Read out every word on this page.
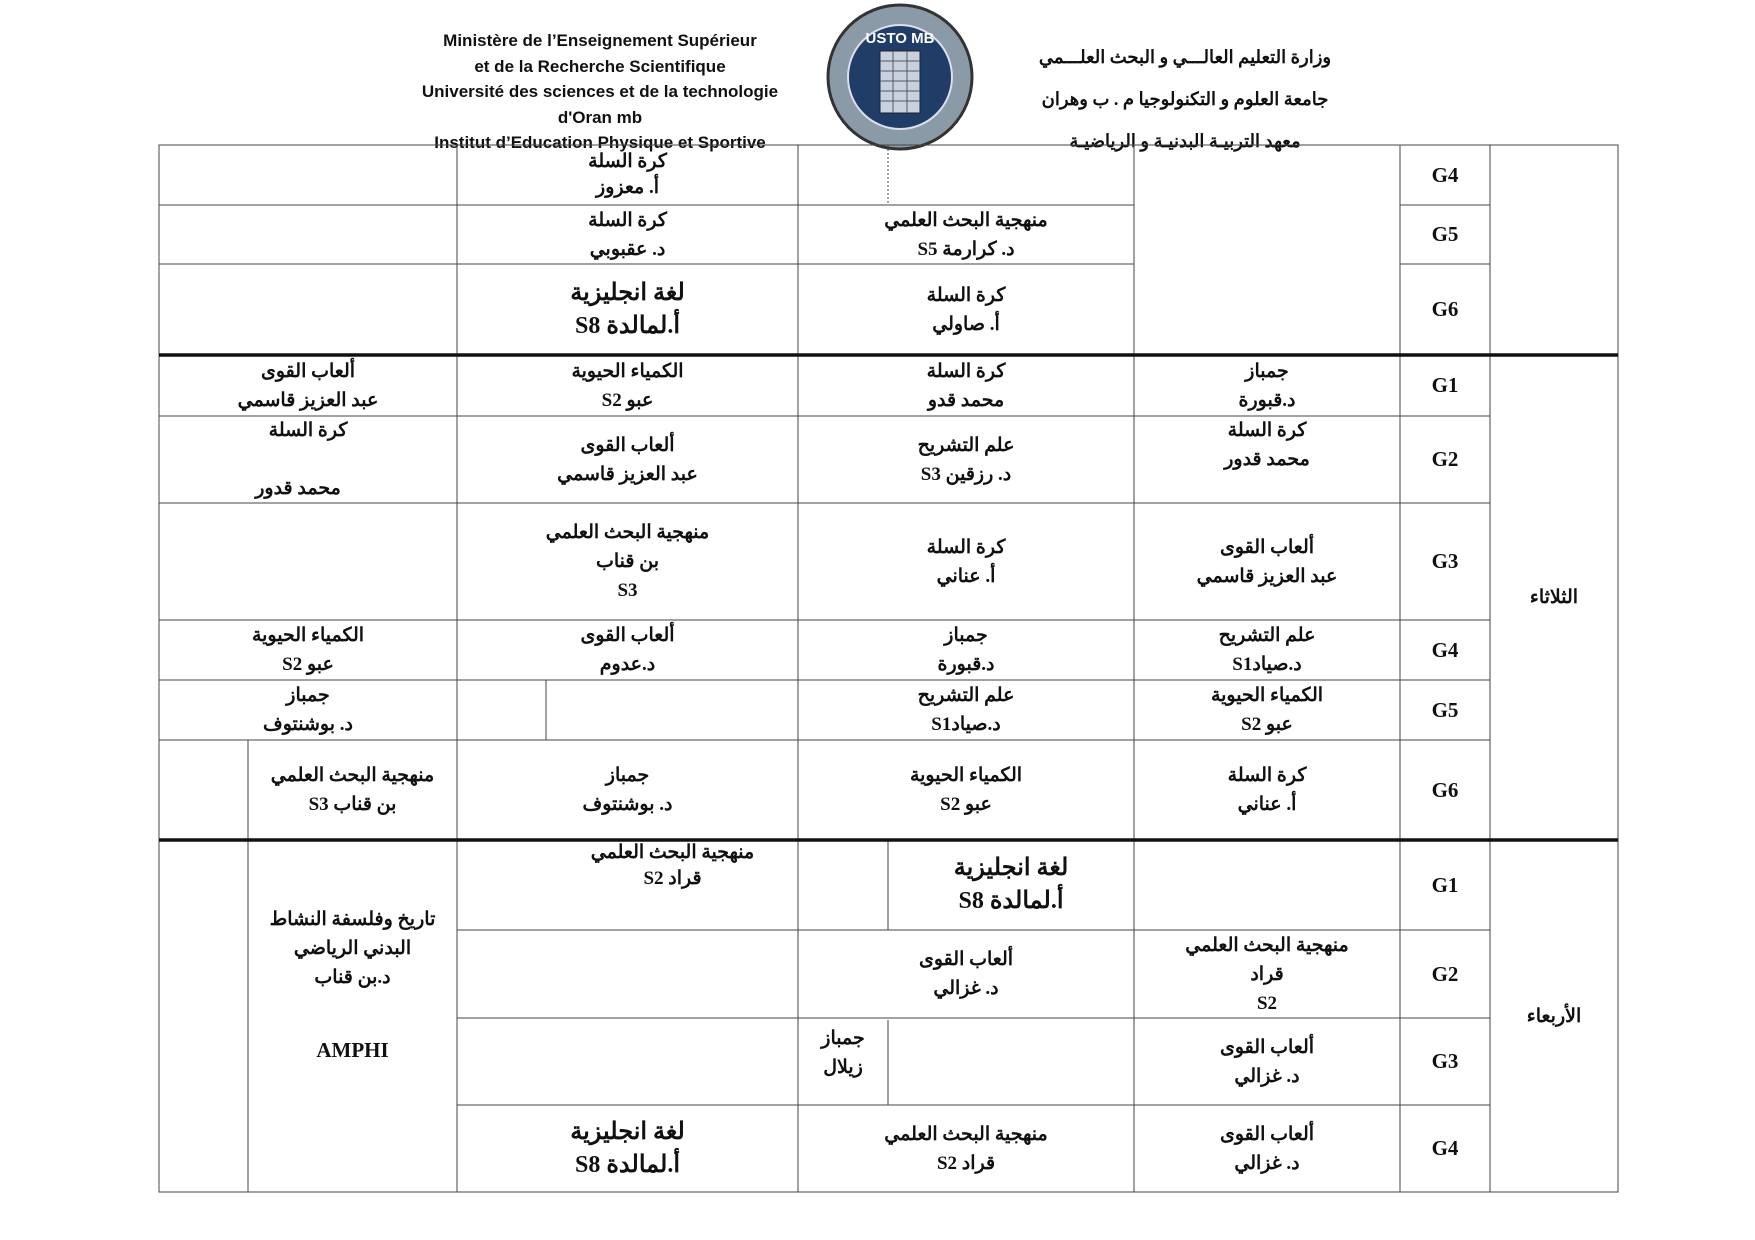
Ministère de l’Enseignement Supérieur
et de la Recherche Scientifique
Université des sciences et de la technologie
d'Oran mb
Institut d’Education Physique et Sportive
USTO MB
وزارة التعليم العالـــي و البحث العلـــمي
جامعة العلوم و التكنولوجيا م . ب وهران
معهد التربيـة البدنيـة و الرياضيـة
الثلاثاء
الأربعاء
G4
G5
G6
G1
G2
G3
G4
G5
G6
G1
G2
G3
G4
كرة السلة
أ. معزوز
منهجية البحث العلمي
د. كرارمة S5
كرة السلة
د. عقبوبي
كرة السلة
أ. صاولي
لغة انجليزية
أ.لمالدة S8
جمباز
د.قبورة
كرة السلة
محمد قدو
الكمياء الحيوية
عبو S2
ألعاب القوى
عبد العزيز قاسمي
كرة السلة
محمد قدور
علم التشريح
د. رزقين S3
ألعاب القوى
عبد العزيز قاسمي
كرة السلة
محمد قدور
ألعاب القوى
عبد العزيز قاسمي
كرة السلة
أ. عناني
منهجية البحث العلمي
بن قناب
S3
علم التشريح
د.صيادS1
جمباز
د.قبورة
ألعاب القوى
د.عدوم
الكمياء الحيوية
عبو S2
الكمياء الحيوية
عبو S2
علم التشريح
د.صيادS1
جمباز
د. بوشنتوف
كرة السلة
أ. عناني
الكمياء الحيوية
عبو S2
جمباز
د. بوشنتوف
منهجية البحث العلمي
بن قناب S3
لغة انجليزية
أ.لمالدة S8
منهجية البحث العلمي
قراد S2
تاريخ وفلسفة النشاط
البدني الرياضي
د.بن قناب
AMPHI
منهجية البحث العلمي
قراد
S2
ألعاب القوى
د. غزالي
ألعاب القوى
د. غزالي
جمباز
زيلال
ألعاب القوى
د. غزالي
منهجية البحث العلمي
قراد S2
لغة انجليزية
أ.لمالدة S8
